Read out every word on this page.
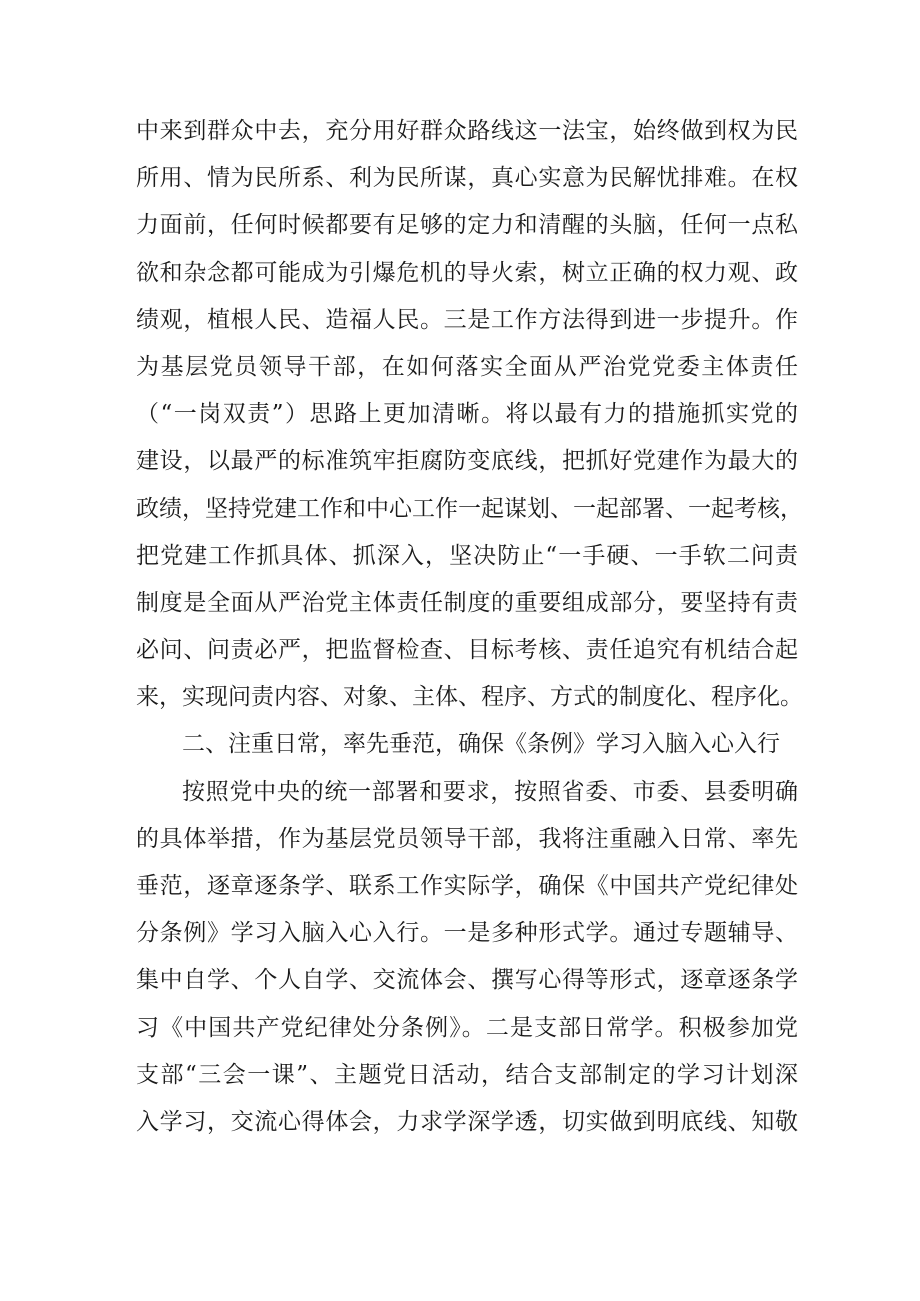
中来到群众中去，充分用好群众路线这一法宝，始终做到权为民
所用、情为民所系、利为民所谋，真心实意为民解忧排难。在权
力面前，任何时候都要有足够的定力和清醒的头脑，任何一点私
欲和杂念都可能成为引爆危机的导火索，树立正确的权力观、政
绩观，植根人民、造福人民。三是工作方法得到进一步提升。作
为基层党员领导干部，在如何落实全面从严治党党委主体责任
（“一岗双责”）思路上更加清晰。将以最有力的措施抓实党的
建设，以最严的标准筑牢拒腐防变底线，把抓好党建作为最大的
政绩，坚持党建工作和中心工作一起谋划、一起部署、一起考核，
把党建工作抓具体、抓深入，坚决防止“一手硬、一手软二问责
制度是全面从严治党主体责任制度的重要组成部分，要坚持有责
必问、问责必严，把监督检查、目标考核、责任追究有机结合起
来，实现问责内容、对象、主体、程序、方式的制度化、程序化。
二、注重日常，率先垂范，确保《条例》学习入脑入心入行
按照党中央的统一部署和要求，按照省委、市委、县委明确
的具体举措，作为基层党员领导干部，我将注重融入日常、率先
垂范，逐章逐条学、联系工作实际学，确保《中国共产党纪律处
分条例》学习入脑入心入行。一是多种形式学。通过专题辅导、
集中自学、个人自学、交流体会、撰写心得等形式，逐章逐条学
习《中国共产党纪律处分条例》。二是支部日常学。积极参加党
支部“三会一课”、主题党日活动，结合支部制定的学习计划深
入学习，交流心得体会，力求学深学透，切实做到明底线、知敬
